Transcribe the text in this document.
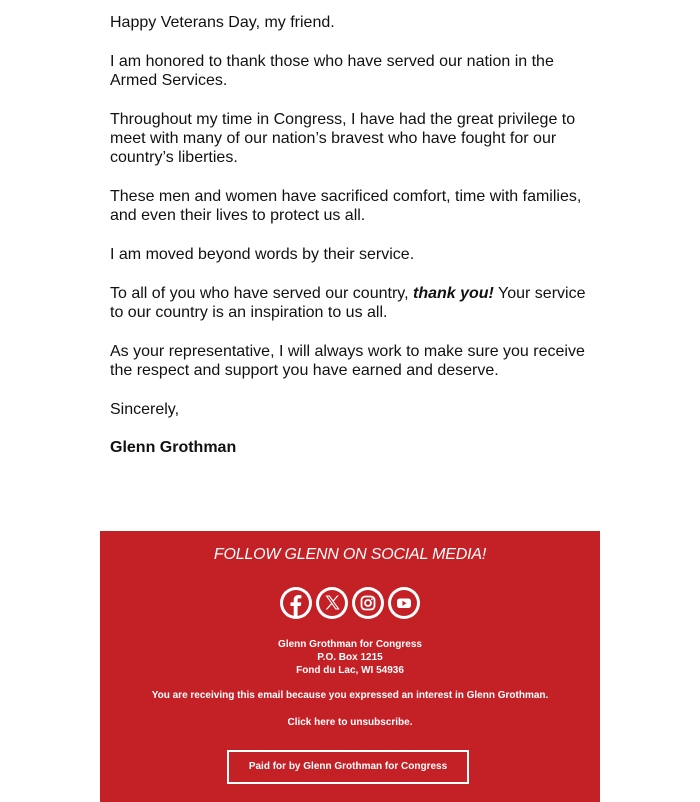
Happy Veterans Day, my friend.

I am honored to thank those who have served our nation in the Armed Services.

Throughout my time in Congress, I have had the great privilege to meet with many of our nation’s bravest who have fought for our country’s liberties.

These men and women have sacrificed comfort, time with families, and even their lives to protect us all.

I am moved beyond words by their service.

To all of you who have served our country, thank you! Your service to our country is an inspiration to us all.

As your representative, I will always work to make sure you receive the respect and support you have earned and deserve.

Sincerely,

Glenn Grothman

FOLLOW GLENN ON SOCIAL MEDIA!
Glenn Grothman for Congress
P.O. Box 1215
Fond du Lac, WI 54936
You are receiving this email because you expressed an interest in Glenn Grothman.
Click here to unsubscribe.
Paid for by Glenn Grothman for Congress
